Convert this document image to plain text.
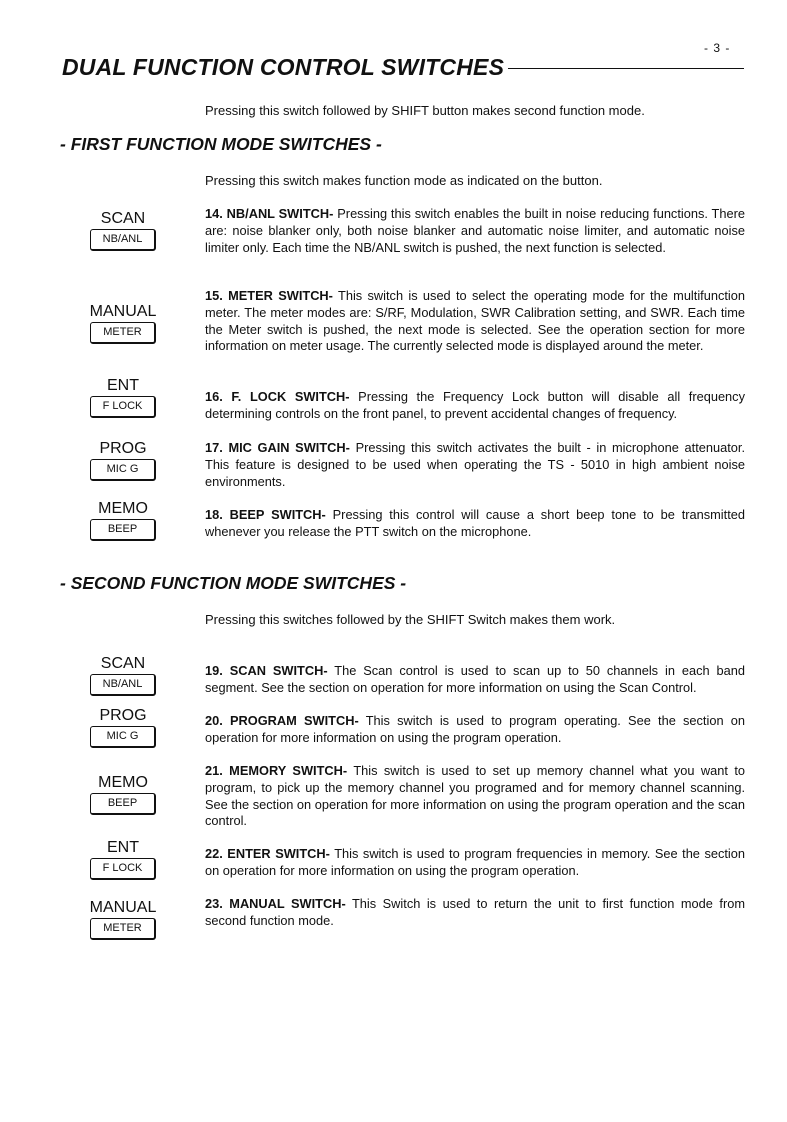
- 3 -
DUAL FUNCTION CONTROL SWITCHES
Pressing this switch followed by SHIFT button makes second function mode.
- FIRST FUNCTION MODE SWITCHES -
Pressing this switch makes function mode as indicated on the button.
SCAN
NB/ANL
14. NB/ANL SWITCH- Pressing this switch enables the built in noise reducing functions. There are: noise blanker only, both noise blanker and automatic noise limiter, and automatic noise limiter only. Each time the NB/ANL switch is pushed, the next function is selected.
MANUAL
METER
15. METER SWITCH- This switch is used to select the operating mode for the multifunction meter. The meter modes are: S/RF, Modulation, SWR Calibration setting, and SWR. Each time the Meter switch is pushed, the next mode is selected. See the operation section for more information on meter usage. The currently selected mode is displayed around the meter.
ENT
F LOCK
16. F. LOCK SWITCH- Pressing the Frequency Lock button will disable all frequency determining controls on the front panel, to prevent accidental changes of frequency.
PROG
MIC G
17. MIC GAIN SWITCH- Pressing this switch activates the built - in microphone attenuator. This feature is designed to be used when operating the TS - 5010 in high ambient noise environments.
MEMO
BEEP
18. BEEP SWITCH- Pressing this control will cause a short beep tone to be transmitted whenever you release the PTT switch on the microphone.
- SECOND FUNCTION MODE SWITCHES -
Pressing this switches followed by the SHIFT Switch makes them work.
SCAN
NB/ANL
19. SCAN SWITCH- The Scan control is used to scan up to 50 channels in each band segment. See the section on operation for more information on using the Scan Control.
PROG
MIC G
20. PROGRAM SWITCH- This switch is used to program operating. See the section on operation for more information on using the program operation.
MEMO
BEEP
21. MEMORY SWITCH- This switch is used to set up memory channel what you want to program, to pick up the memory channel you programed and for memory channel scanning. See the section on operation for more information on using the program operation and the scan control.
ENT
F LOCK
22. ENTER SWITCH- This switch is used to program frequencies in memory. See the section on operation for more information on using the program operation.
MANUAL
METER
23. MANUAL SWITCH- This Switch is used to return the unit to first function mode from second function mode.
